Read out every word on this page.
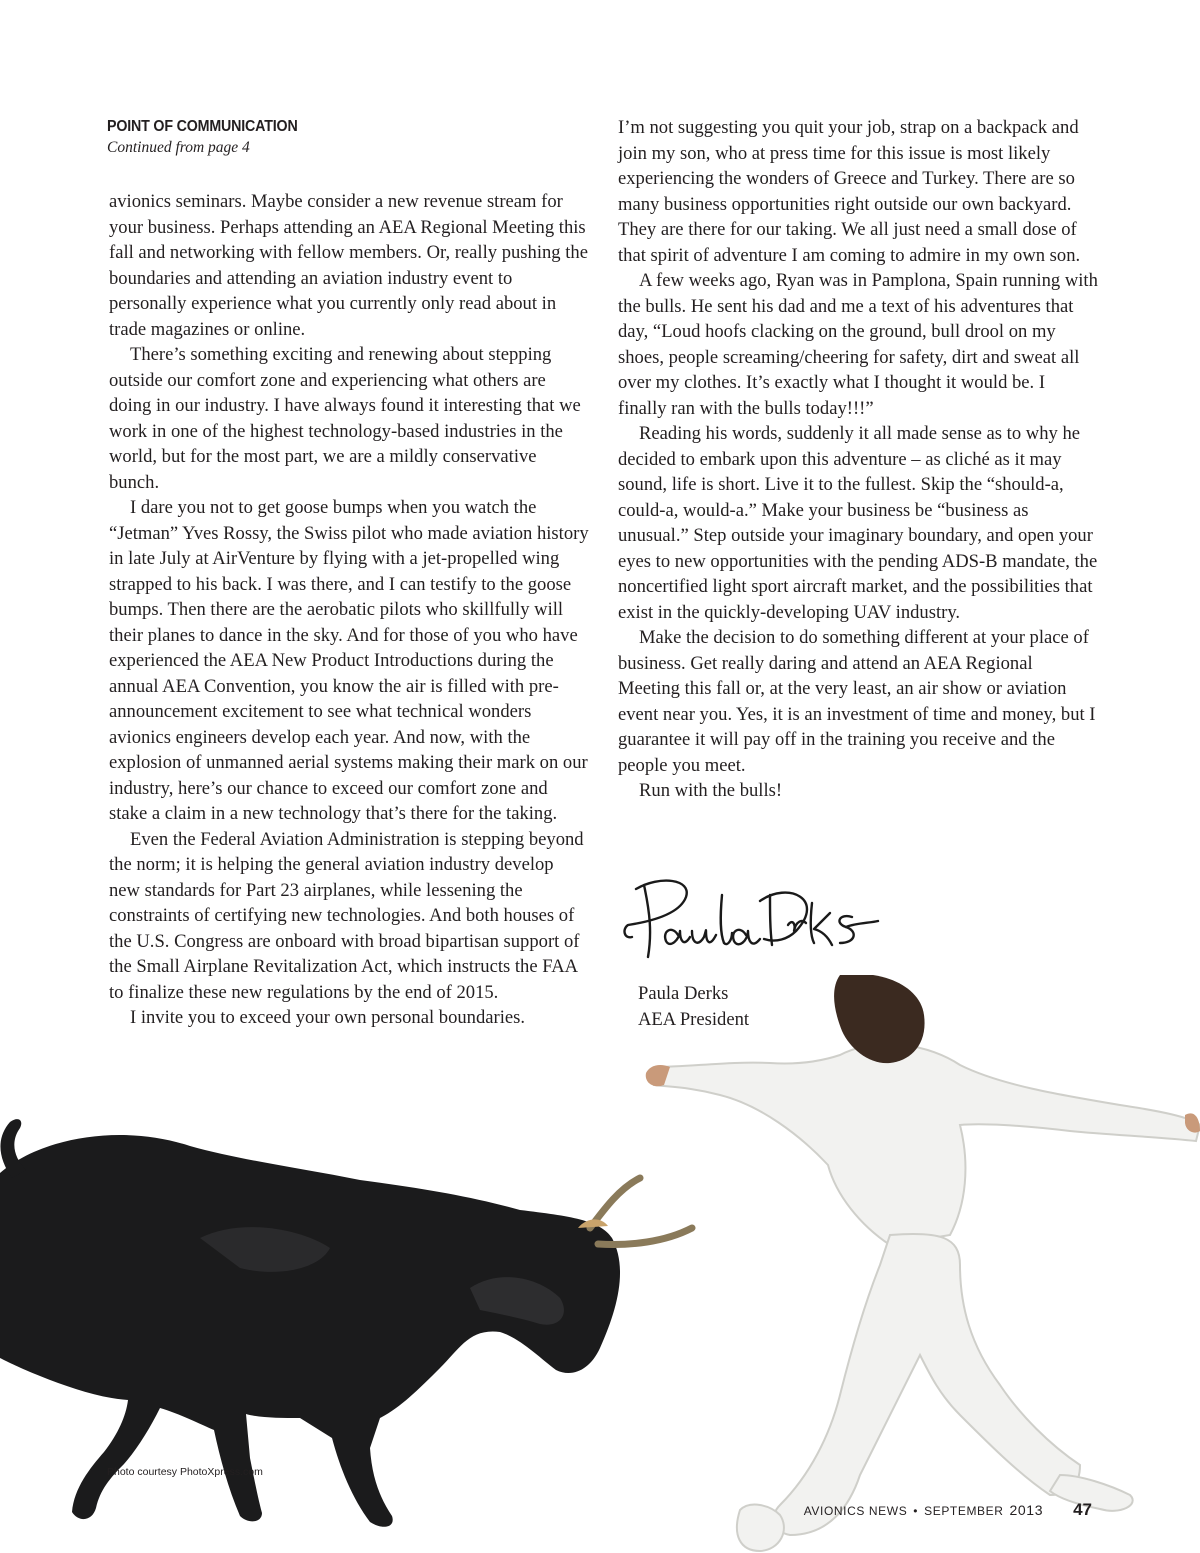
POINT OF COMMUNICATION
Continued from page 4

avionics seminars. Maybe consider a new revenue stream for your business. Perhaps attending an AEA Regional Meeting this fall and networking with fellow members. Or, really pushing the boundaries and attending an aviation industry event to personally experience what you currently only read about in trade magazines or online.

There’s something exciting and renewing about stepping outside our comfort zone and experiencing what others are doing in our industry. I have always found it interesting that we work in one of the highest technology-based industries in the world, but for the most part, we are a mildly conservative bunch.

I dare you not to get goose bumps when you watch the “Jetman” Yves Rossy, the Swiss pilot who made aviation history in late July at AirVenture by flying with a jet-propelled wing strapped to his back. I was there, and I can testify to the goose bumps. Then there are the aerobatic pilots who skillfully will their planes to dance in the sky. And for those of you who have experienced the AEA New Product Introductions during the annual AEA Convention, you know the air is filled with pre-announcement excitement to see what technical wonders avionics engineers develop each year. And now, with the explosion of unmanned aerial systems making their mark on our industry, here’s our chance to exceed our comfort zone and stake a claim in a new technology that’s there for the taking.

Even the Federal Aviation Administration is stepping beyond the norm; it is helping the general aviation industry develop new standards for Part 23 airplanes, while lessening the constraints of certifying new technologies. And both houses of the U.S. Congress are onboard with broad bipartisan support of the Small Airplane Revitalization Act, which instructs the FAA to finalize these new regulations by the end of 2015.

I invite you to exceed your own personal boundaries.

I’m not suggesting you quit your job, strap on a backpack and join my son, who at press time for this issue is most likely experiencing the wonders of Greece and Turkey. There are so many business opportunities right outside our own backyard. They are there for our taking. We all just need a small dose of that spirit of adventure I am coming to admire in my own son.

A few weeks ago, Ryan was in Pamplona, Spain running with the bulls. He sent his dad and me a text of his adventures that day, “Loud hoofs clacking on the ground, bull drool on my shoes, people screaming/cheering for safety, dirt and sweat all over my clothes. It’s exactly what I thought it would be. I finally ran with the bulls today!!!”

Reading his words, suddenly it all made sense as to why he decided to embark upon this adventure – as cliché as it may sound, life is short. Live it to the fullest. Skip the “should-a, could-a, would-a.” Make your business be “business as unusual.” Step outside your imaginary boundary, and open your eyes to new opportunities with the pending ADS-B mandate, the noncertified light sport aircraft market, and the possibilities that exist in the quickly-developing UAV industry.

Make the decision to do something different at your place of business. Get really daring and attend an AEA Regional Meeting this fall or, at the very least, an air show or aviation event near you. Yes, it is an investment of time and money, but I guarantee it will pay off in the training you receive and the people you meet.

Run with the bulls!

Paula Derks
AEA President
Photo courtesy PhotoXpress.com
AVIONICS NEWS • SEPTEMBER 2013 47
